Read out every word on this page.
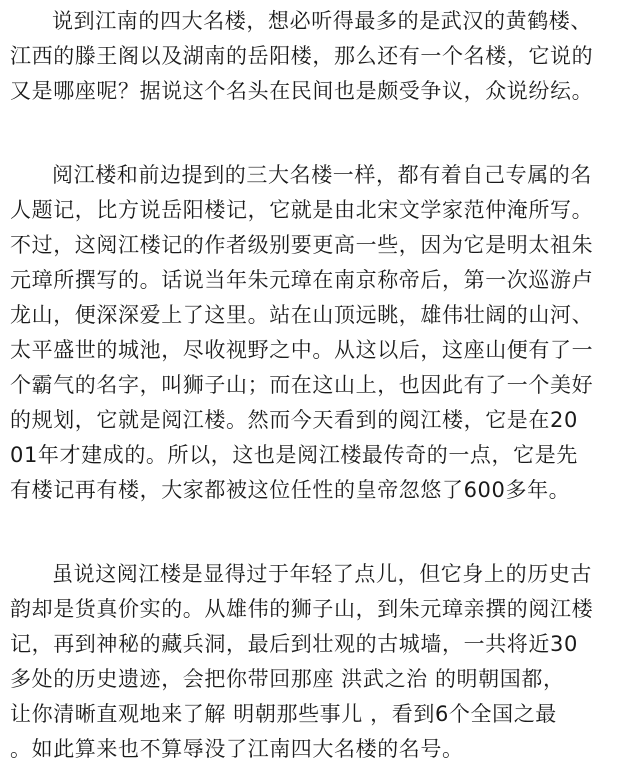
说到江南的四大名楼，想必听得最多的是武汉的黄鹤楼、
江西的滕王阁以及湖南的岳阳楼，那么还有一个名楼，它说的
又是哪座呢？据说这个名头在民间也是颇受争议，众说纷纭。
阅江楼和前边提到的三大名楼一样，都有着自己专属的名
人题记，比方说岳阳楼记，它就是由北宋文学家范仲淹所写。
不过，这阅江楼记的作者级别要更高一些，因为它是明太祖朱
元璋所撰写的。话说当年朱元璋在南京称帝后，第一次巡游卢
龙山，便深深爱上了这里。站在山顶远眺，雄伟壮阔的山河、
太平盛世的城池，尽收视野之中。从这以后，这座山便有了一
个霸气的名字，叫狮子山；而在这山上，也因此有了一个美好
的规划，它就是阅江楼。然而今天看到的阅江楼，它是在20
01年才建成的。所以，这也是阅江楼最传奇的一点，它是先
有楼记再有楼，大家都被这位任性的皇帝忽悠了600多年。
虽说这阅江楼是显得过于年轻了点儿，但它身上的历史古
韵却是货真价实的。从雄伟的狮子山，到朱元璋亲撰的阅江楼
记，再到神秘的藏兵洞，最后到壮观的古城墙，一共将近30
多处的历史遗迹，会把你带回那座 洪武之治 的明朝国都，
让你清晰直观地来了解 明朝那些事儿 ，看到6个全国之最
。如此算来也不算辱没了江南四大名楼的名号。
